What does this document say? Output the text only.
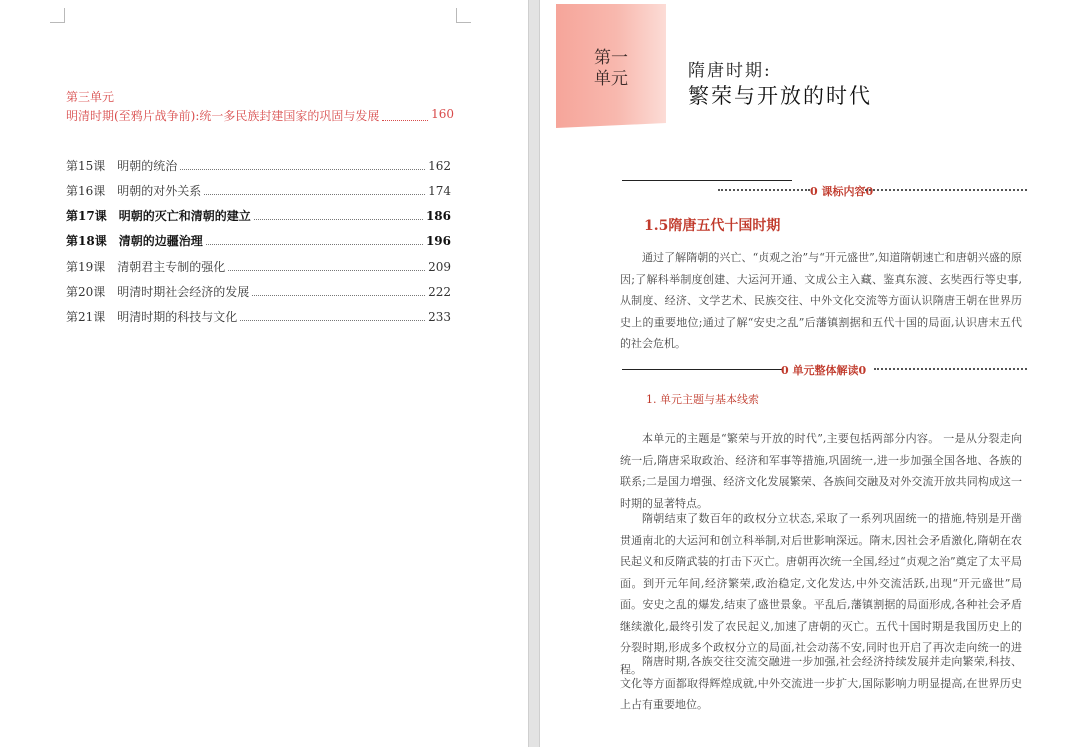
第三单元
明清时期(至鸦片战争前):统一多民族封建国家的巩固与发展	160
第15课 明朝的统治	162
第16课 明朝的对外关系	174
第17课 明朝的灭亡和清朝的建立	186
第18课 清朝的边疆治理	196
第19课 清朝君主专制的强化	209
第20课 明清时期社会经济的发展	222
第21课 明清时期的科技与文化	233
第一
单元	隋唐时期:
繁荣与开放的时代
0 课标内容0
1.5隋唐五代十国时期
通过了解隋朝的兴亡、“贞观之治”与“开元盛世”,知道隋朝速亡和唐朝兴盛的原因;了解科举制度创建、大运河开通、文成公主入藏、鉴真东渡、玄奘西行等史事,从制度、经济、文学艺术、民族交往、中外文化交流等方面认识隋唐王朝在世界历史上的重要地位;通过了解“安史之乱”后藩镇割据和五代十国的局面,认识唐末五代的社会危机。
0 单元整体解读0
1. 单元主题与基本线索
本单元的主题是“繁荣与开放的时代”,主要包括两部分内容。 一是从分裂走向统一后,隋唐采取政治、经济和军事等措施,巩固统一,进一步加强全国各地、各族的联系;二是国力增强、经济文化发展繁荣、各族间交融及对外交流开放共同构成这一时期的显著特点。
隋朝结束了数百年的政权分立状态,采取了一系列巩固统一的措施,特别是开凿贯通南北的大运河和创立科举制,对后世影响深远。隋末,因社会矛盾激化,隋朝在农民起义和反隋武装的打击下灭亡。唐朝再次统一全国,经过“贞观之治”奠定了太平局面。到开元年间,经济繁荣,政治稳定,文化发达,中外交流活跃,出现“开元盛世”局面。安史之乱的爆发,结束了盛世景象。平乱后,藩镇割据的局面形成,各种社会矛盾继续激化,最终引发了农民起义,加速了唐朝的灭亡。五代十国时期是我国历史上的分裂时期,形成多个政权分立的局面,社会动荡不安,同时也开启了再次走向统一的进程。
隋唐时期,各族交往交流交融进一步加强,社会经济持续发展并走向繁荣,科技、文化等方面都取得辉煌成就,中外交流进一步扩大,国际影响力明显提高,在世界历史上占有重要地位。
